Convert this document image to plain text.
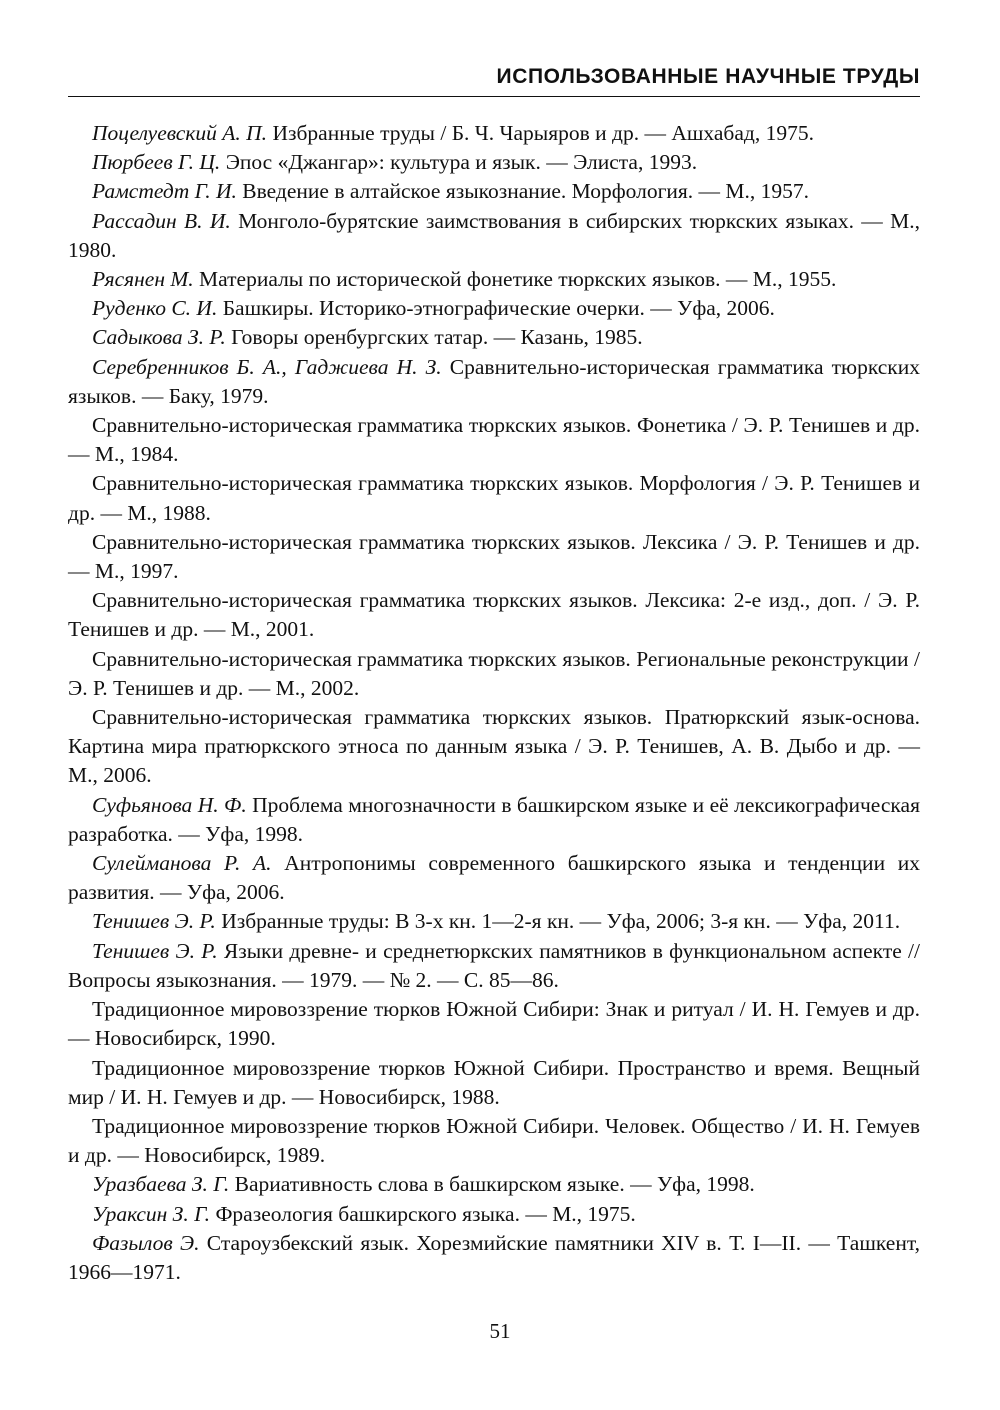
ИСПОЛЬЗОВАННЫЕ НАУЧНЫЕ ТРУДЫ

Поцелуевский А. П. Избранные труды / Б. Ч. Чарыяров и др. — Ашхабад, 1975.

Пюрбеев Г. Ц. Эпос «Джангар»: культура и язык. — Элиста, 1993.

Рамстедт Г. И. Введение в алтайское языкознание. Морфология. — М., 1957.

Рассадин В. И. Монголо-бурятские заимствования в сибирских тюркских языках. — М., 1980.

Рясянен М. Материалы по исторической фонетике тюркских языков. — М., 1955.

Руденко С. И. Башкиры. Историко-этнографические очерки. — Уфа, 2006.

Садыкова З. Р. Говоры оренбургских татар. — Казань, 1985.

Серебренников Б. А., Гаджиева Н. З. Сравнительно-историческая грамматика тюркских языков. — Баку, 1979.

Сравнительно-историческая грамматика тюркских языков. Фонетика / Э. Р. Тенишев и др. — М., 1984.

Сравнительно-историческая грамматика тюркских языков. Морфология / Э. Р. Тенишев и др. — М., 1988.

Сравнительно-историческая грамматика тюркских языков. Лексика / Э. Р. Тенишев и др. — М., 1997.

Сравнительно-историческая грамматика тюркских языков. Лексика: 2-е изд., доп. / Э. Р. Тенишев и др. — М., 2001.

Сравнительно-историческая грамматика тюркских языков. Региональные реконструкции / Э. Р. Тенишев и др. — М., 2002.

Сравнительно-историческая грамматика тюркских языков. Пратюркский язык-основа. Картина мира пратюркского этноса по данным языка / Э. Р. Тенишев, А. В. Дыбо и др. — М., 2006.

Суфьянова Н. Ф. Проблема многозначности в башкирском языке и её лексикографическая разработка. — Уфа, 1998.

Сулейманова Р. А. Антропонимы современного башкирского языка и тенденции их развития. — Уфа, 2006.

Тенишев Э. Р. Избранные труды: В 3-х кн. 1—2-я кн. — Уфа, 2006; 3-я кн. — Уфа, 2011.

Тенишев Э. Р. Языки древне- и среднетюркских памятников в функциональном аспекте // Вопросы языкознания. — 1979. — № 2. — С. 85—86.

Традиционное мировоззрение тюрков Южной Сибири: Знак и ритуал / И. Н. Гемуев и др. — Новосибирск, 1990.

Традиционное мировоззрение тюрков Южной Сибири. Пространство и время. Вещный мир / И. Н. Гемуев и др. — Новосибирск, 1988.

Традиционное мировоззрение тюрков Южной Сибири. Человек. Общество / И. Н. Гемуев и др. — Новосибирск, 1989.

Уразбаева З. Г. Вариативность слова в башкирском языке. — Уфа, 1998.

Ураксин З. Г. Фразеология башкирского языка. — М., 1975.

Фазылов Э. Староузбекский язык. Хорезмийские памятники XIV в. Т. I—II. — Ташкент, 1966—1971.

51
